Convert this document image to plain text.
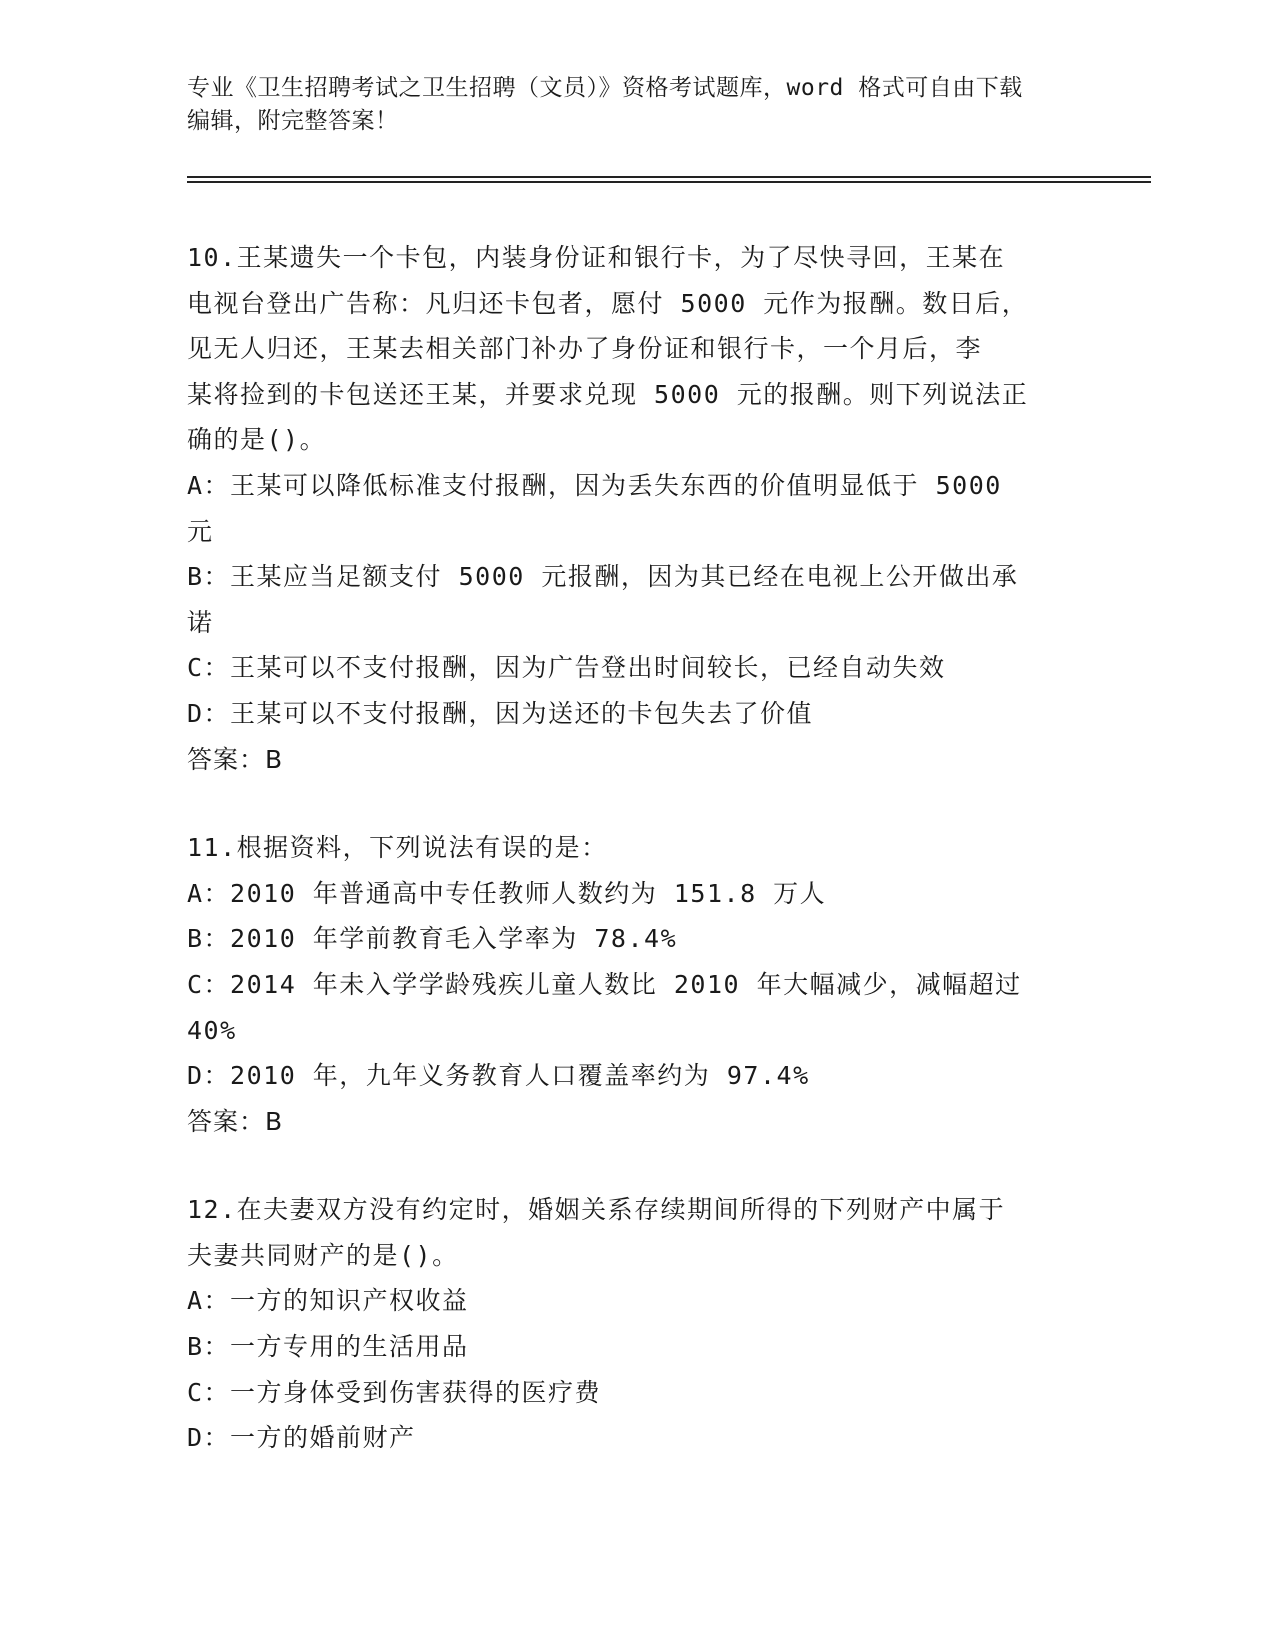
专业《卫生招聘考试之卫生招聘（文员）》资格考试题库，word 格式可自由下载
编辑，附完整答案！
10.王某遗失一个卡包，内装身份证和银行卡，为了尽快寻回，王某在
电视台登出广告称：凡归还卡包者，愿付 5000 元作为报酬。数日后，
见无人归还，王某去相关部门补办了身份证和银行卡，一个月后，李
某将捡到的卡包送还王某，并要求兑现 5000 元的报酬。则下列说法正
确的是()。
A：王某可以降低标准支付报酬，因为丢失东西的价值明显低于 5000
元
B：王某应当足额支付 5000 元报酬，因为其已经在电视上公开做出承
诺
C：王某可以不支付报酬，因为广告登出时间较长，已经自动失效
D：王某可以不支付报酬，因为送还的卡包失去了价值
答案：B
11.根据资料，下列说法有误的是：
A：2010 年普通高中专任教师人数约为 151.8 万人
B：2010 年学前教育毛入学率为 78.4%
C：2014 年未入学学龄残疾儿童人数比 2010 年大幅减少，减幅超过
40%
D：2010 年，九年义务教育人口覆盖率约为 97.4%
答案：B
12.在夫妻双方没有约定时，婚姻关系存续期间所得的下列财产中属于
夫妻共同财产的是()。
A：一方的知识产权收益
B：一方专用的生活用品
C：一方身体受到伤害获得的医疗费
D：一方的婚前财产
